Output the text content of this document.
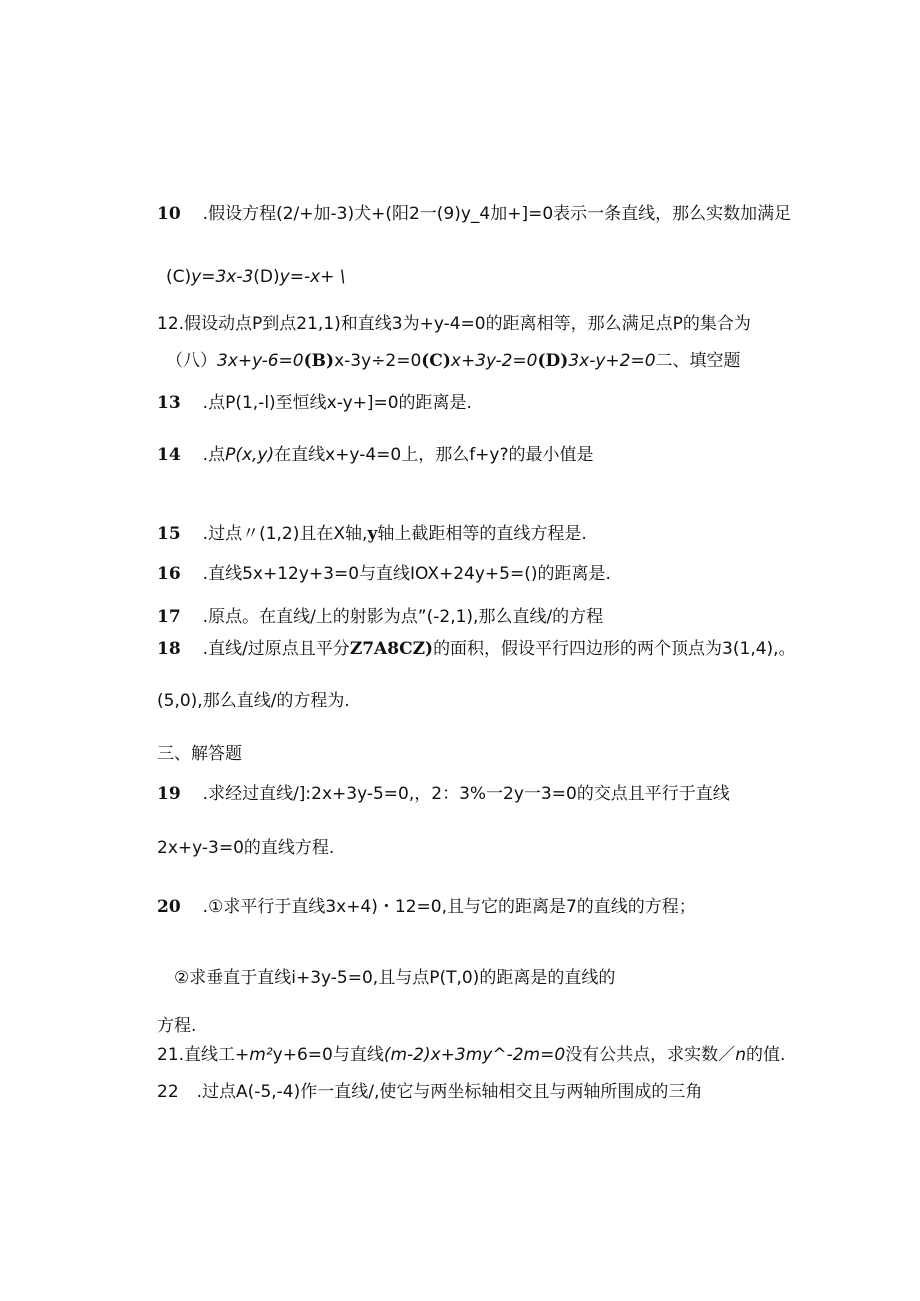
10 .假设方程(2/+加-3)犬+(阳2一(9)y_4加+]=0表示一条直线，那么实数加满足
(C)y=3x-3(D)y=-x+ \
12.假设动点P到点21,1)和直线3为+y-4=0的距离相等，那么满足点P的集合为
（八）3x+y-6=0(B)x-3y÷2=0(C)x+3y-2=0(D)3x-y+2=0二、填空题
13 .点P(1,-l)至恒线x-y+]=0的距离是.
14 .点P(x,y)在直线x+y-4=0上，那么f+y?的最小值是
15 .过点〃(1,2)且在X轴,y轴上截距相等的直线方程是.
16 .直线5x+12y+3=0与直线IOX+24y+5=()的距离是.
17 .原点。在直线/上的射影为点”(-2,1),那么直线/的方程
18 .直线/过原点且平分Z7A8CZ)的面积，假设平行四边形的两个顶点为3(1,4),。
(5,0),那么直线/的方程为.
三、解答题
19 .求经过直线/]:2x+3y-5=0,，2：3%一2y一3=0的交点且平行于直线
2x+y-3=0的直线方程.
20 .①求平行于直线3x+4)・12=0,且与它的距离是7的直线的方程；
②求垂直于直线i+3y-5=0,且与点P(T,0)的距离是的直线的
方程.
21.直线工+m²y+6=0与直线(m-2)x+3my^-2m=0没有公共点，求实数／n的值.
22 .过点A(-5,-4)作一直线/,使它与两坐标轴相交且与两轴所围成的三角
